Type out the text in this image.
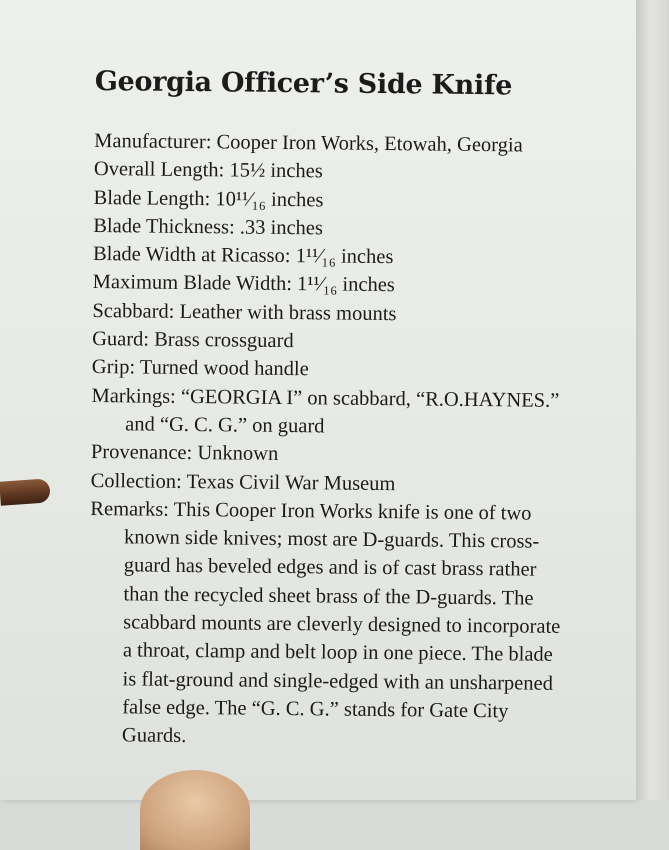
Georgia Officer’s Side Knife
Manufacturer: Cooper Iron Works, Etowah, Georgia
Overall Length: 15½ inches
Blade Length: 10¹¹⁄₁₆ inches
Blade Thickness: .33 inches
Blade Width at Ricasso: 1¹¹⁄₁₆ inches
Maximum Blade Width: 1¹¹⁄₁₆ inches
Scabbard: Leather with brass mounts
Guard: Brass crossguard
Grip: Turned wood handle
Markings: “GEORGIA I” on scabbard, “R.O.HAYNES.”
and “G. C. G.” on guard
Provenance: Unknown
Collection: Texas Civil War Museum
Remarks: This Cooper Iron Works knife is one of two
known side knives; most are D-guards. This cross-
guard has beveled edges and is of cast brass rather
than the recycled sheet brass of the D-guards. The
scabbard mounts are cleverly designed to incorporate
a throat, clamp and belt loop in one piece. The blade
is flat-ground and single-edged with an unsharpened
false edge. The “G. C. G.” stands for Gate City
Guards.
